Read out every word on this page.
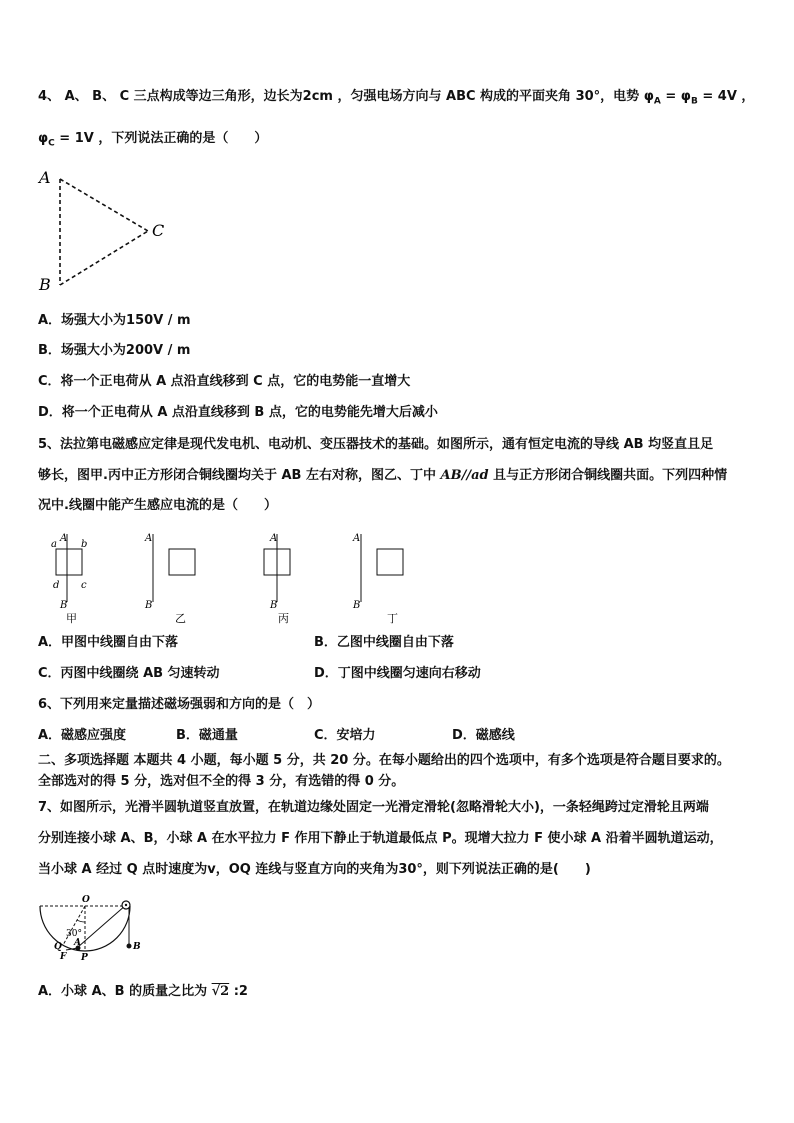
4、 A、 B、 C 三点构成等边三角形，边长为2cm ，匀强电场方向与 ABC 构成的平面夹角 30°，电势 $\varphi_A = \varphi_B = 4V$ ，
$\varphi_C = 1V$ ，下列说法正确的是（　　）
A
B
C
A．场强大小为150V / m
B．场强大小为200V / m
C．将一个正电荷从 A 点沿直线移到 C 点，它的电势能一直增大
D．将一个正电荷从 A 点沿直线移到 B 点，它的电势能先增大后减小
5、法拉第电磁感应定律是现代发电机、电动机、变压器技术的基础。如图所示，通有恒定电流的导线 AB 均竖直且足
够长，图甲.丙中正方形闭合铜线圈均关于 AB 左右对称，图乙、丁中 AB//ad 且与正方形闭合铜线圈共面。下列四种情
况中.线圈中能产生感应电流的是（　　）
A
B
a b
c
d
甲
A
B
乙
A
B
丙
A
B
丁
A．甲图中线圈自由下落	B．乙图中线圈自由下落
C．丙图中线圈绕 AB 匀速转动	D．丁图中线圈匀速向右移动
6、下列用来定量描述磁场强弱和方向的是（　）
A．磁感应强度	B．磁通量	C．安培力	D．磁感线
二、多项选择题 本题共 4 小题，每小题 5 分，共 20 分。在每小题给出的四个选项中，有多个选项是符合题目要求的。
全部选对的得 5 分，选对但不全的得 3 分，有选错的得 0 分。
7、如图所示，光滑半圆轨道竖直放置，在轨道边缘处固定一光滑定滑轮(忽略滑轮大小)，一条轻绳跨过定滑轮且两端
分别连接小球 A、B，小球 A 在水平拉力 F 作用下静止于轨道最低点 P。现增大拉力 F 使小球 A 沿着半圆轨道运动，
当小球 A 经过 Q 点时速度为v，OQ 连线与竖直方向的夹角为30°，则下列说法正确的是(　　)
O
30°
Q
F
A
P
B
A．小球 A、B 的质量之比为 √2 :2
